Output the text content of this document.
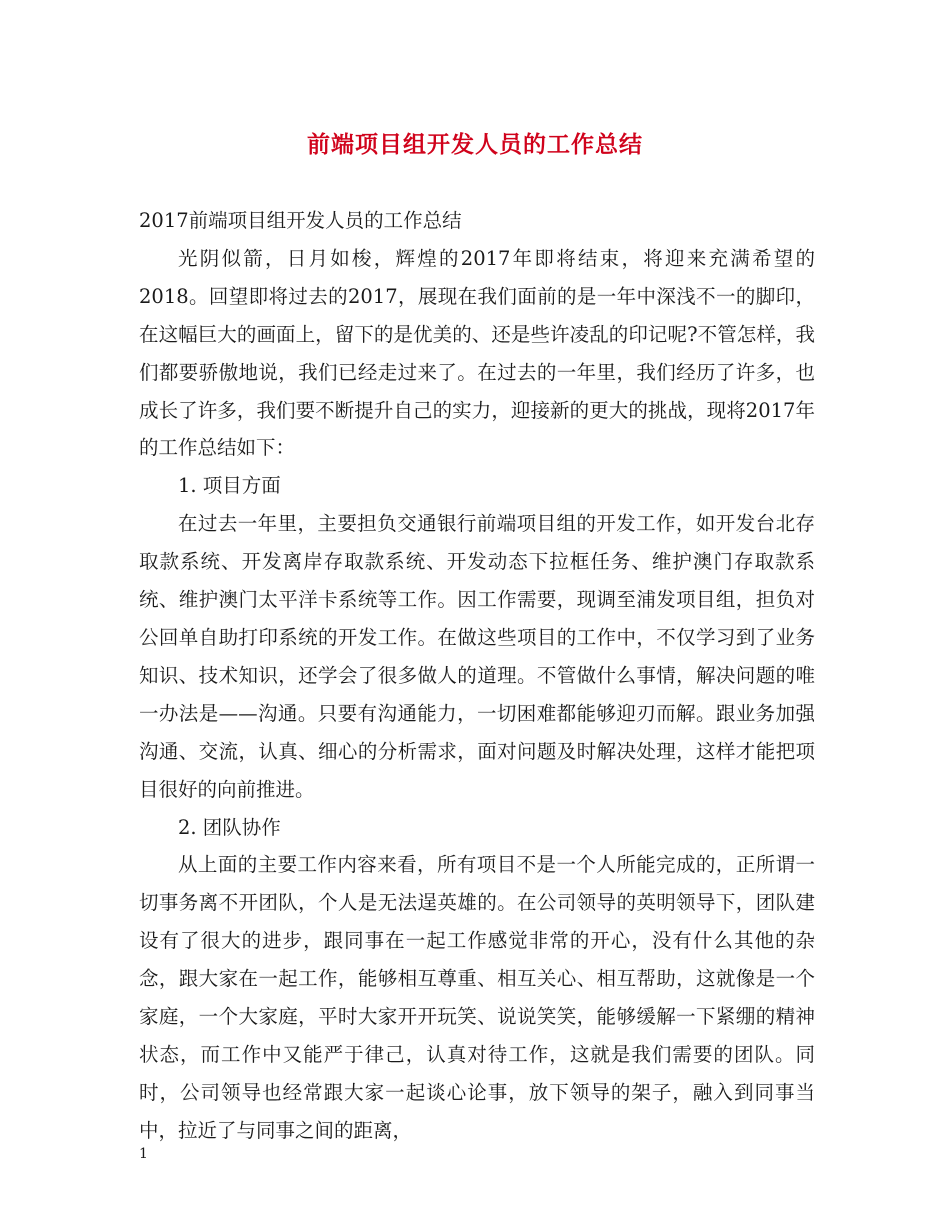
前端项目组开发人员的工作总结

2017前端项目组开发人员的工作总结

光阴似箭，日月如梭，辉煌的2017年即将结束，将迎来充满希望的2018。回望即将过去的2017，展现在我们面前的是一年中深浅不一的脚印，在这幅巨大的画面上，留下的是优美的、还是些许凌乱的印记呢?不管怎样，我们都要骄傲地说，我们已经走过来了。在过去的一年里，我们经历了许多，也成长了许多，我们要不断提升自己的实力，迎接新的更大的挑战，现将2017年的工作总结如下：

1. 项目方面

在过去一年里，主要担负交通银行前端项目组的开发工作，如开发台北存取款系统、开发离岸存取款系统、开发动态下拉框任务、维护澳门存取款系统、维护澳门太平洋卡系统等工作。因工作需要，现调至浦发项目组，担负对公回单自助打印系统的开发工作。在做这些项目的工作中，不仅学习到了业务知识、技术知识，还学会了很多做人的道理。不管做什么事情，解决问题的唯一办法是——沟通。只要有沟通能力，一切困难都能够迎刃而解。跟业务加强沟通、交流，认真、细心的分析需求，面对问题及时解决处理，这样才能把项目很好的向前推进。

2. 团队协作

从上面的主要工作内容来看，所有项目不是一个人所能完成的，正所谓一切事务离不开团队，个人是无法逞英雄的。在公司领导的英明领导下，团队建设有了很大的进步，跟同事在一起工作感觉非常的开心，没有什么其他的杂念，跟大家在一起工作，能够相互尊重、相互关心、相互帮助，这就像是一个家庭，一个大家庭，平时大家开开玩笑、说说笑笑，能够缓解一下紧绷的精神状态，而工作中又能严于律己，认真对待工作，这就是我们需要的团队。同时，公司领导也经常跟大家一起谈心论事，放下领导的架子，融入到同事当中，拉近了与同事之间的距离，

1
